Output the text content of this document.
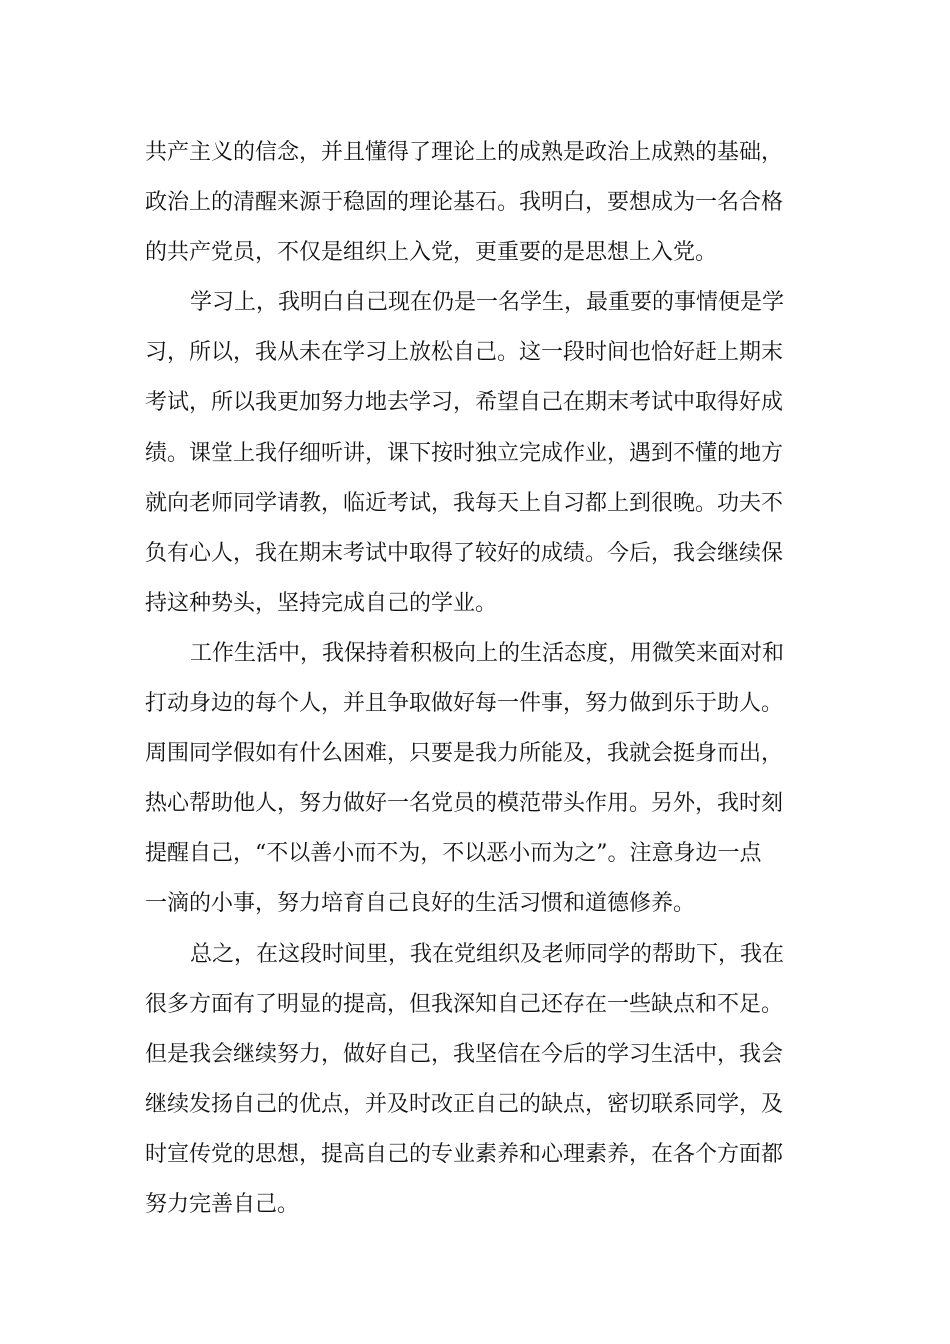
共产主义的信念，并且懂得了理论上的成熟是政治上成熟的基础，
政治上的清醒来源于稳固的理论基石。我明白，要想成为一名合格
的共产党员，不仅是组织上入党，更重要的是思想上入党。
学习上，我明白自己现在仍是一名学生，最重要的事情便是学
习，所以，我从未在学习上放松自己。这一段时间也恰好赶上期末
考试，所以我更加努力地去学习，希望自己在期末考试中取得好成
绩。课堂上我仔细听讲，课下按时独立完成作业，遇到不懂的地方
就向老师同学请教，临近考试，我每天上自习都上到很晚。功夫不
负有心人，我在期末考试中取得了较好的成绩。今后，我会继续保
持这种势头，坚持完成自己的学业。
工作生活中，我保持着积极向上的生活态度，用微笑来面对和
打动身边的每个人，并且争取做好每一件事，努力做到乐于助人。
周围同学假如有什么困难，只要是我力所能及，我就会挺身而出，
热心帮助他人，努力做好一名党员的模范带头作用。另外，我时刻
提醒自己，“不以善小而不为，不以恶小而为之”。注意身边一点
一滴的小事，努力培育自己良好的生活习惯和道德修养。
总之，在这段时间里，我在党组织及老师同学的帮助下，我在
很多方面有了明显的提高，但我深知自己还存在一些缺点和不足。
但是我会继续努力，做好自己，我坚信在今后的学习生活中，我会
继续发扬自己的优点，并及时改正自己的缺点，密切联系同学，及
时宣传党的思想，提高自己的专业素养和心理素养，在各个方面都
努力完善自己。
